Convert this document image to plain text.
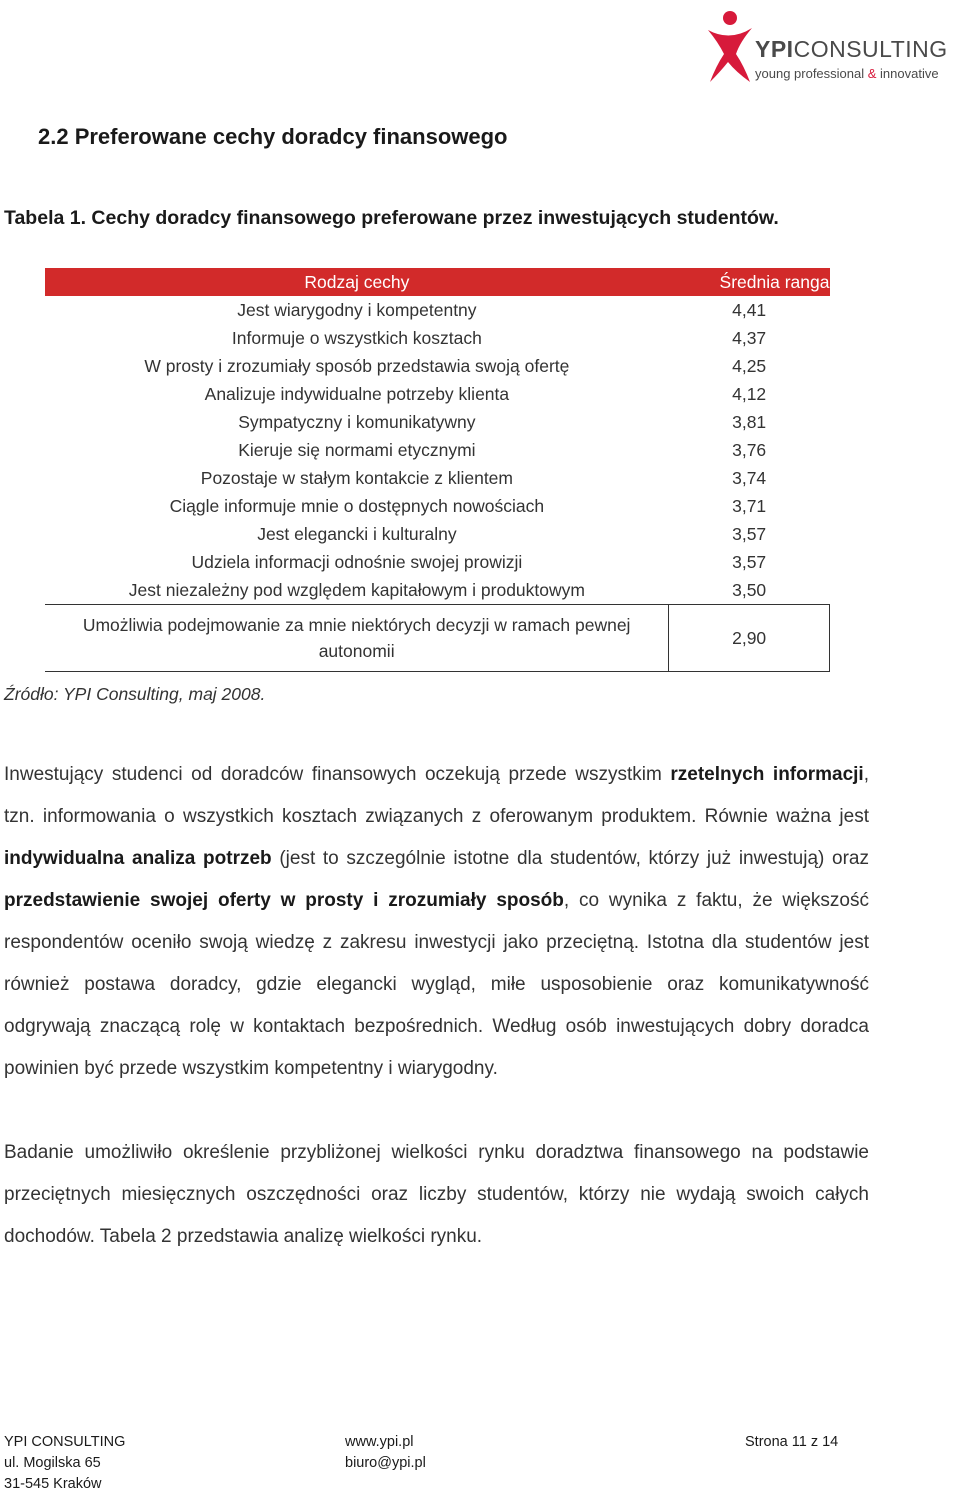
YPICONSULTING
young professional & innovative
2.2 Preferowane cechy doradcy finansowego

Tabela 1. Cechy doradcy finansowego preferowane przez inwestujących studentów.

Rodzaj cechy	Średnia ranga
Jest wiarygodny i kompetentny	4,41
Informuje o wszystkich kosztach	4,37
W prosty i zrozumiały sposób przedstawia swoją ofertę	4,25
Analizuje indywidualne potrzeby klienta	4,12
Sympatyczny i komunikatywny	3,81
Kieruje się normami etycznymi	3,76
Pozostaje w stałym kontakcie z klientem	3,74
Ciągle informuje mnie o dostępnych nowościach	3,71
Jest elegancki i kulturalny	3,57
Udziela informacji odnośnie swojej prowizji	3,57
Jest niezależny pod względem kapitałowym i produktowym	3,50
Umożliwia podejmowanie za mnie niektórych decyzji w ramach pewnej autonomii	2,90

Źródło: YPI Consulting, maj 2008.

Inwestujący studenci od doradców finansowych oczekują przede wszystkim rzetelnych informacji, tzn. informowania o wszystkich kosztach związanych z oferowanym produktem. Równie ważna jest indywidualna analiza potrzeb (jest to szczególnie istotne dla studentów, którzy już inwestują) oraz przedstawienie swojej oferty w prosty i zrozumiały sposób, co wynika z faktu, że większość respondentów oceniło swoją wiedzę z zakresu inwestycji jako przeciętną. Istotna dla studentów jest również postawa doradcy, gdzie elegancki wygląd, miłe usposobienie oraz komunikatywność odgrywają znaczącą rolę w kontaktach bezpośrednich. Według osób inwestujących dobry doradca powinien być przede wszystkim kompetentny i wiarygodny.

Badanie umożliwiło określenie przybliżonej wielkości rynku doradztwa finansowego na podstawie przeciętnych miesięcznych oszczędności oraz liczby studentów, którzy nie wydają swoich całych dochodów. Tabela 2 przedstawia analizę wielkości rynku.

YPI CONSULTING
ul. Mogilska 65
31-545 Kraków
www.ypi.pl
biuro@ypi.pl
Strona 11 z 14
